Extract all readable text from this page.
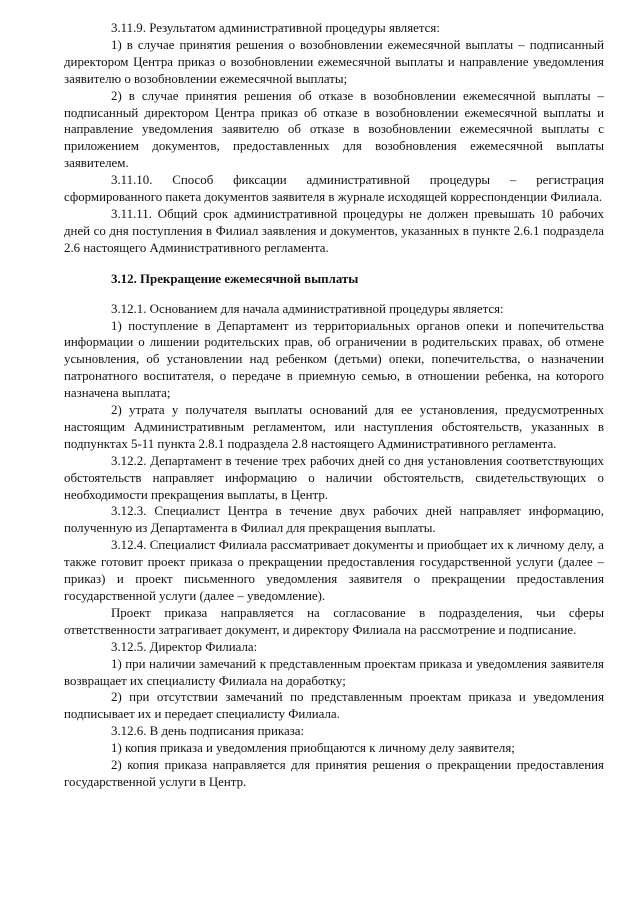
3.11.9. Результатом административной процедуры является:

1) в случае принятия решения о возобновлении ежемесячной выплаты – подписанный директором Центра приказ о возобновлении ежемесячной выплаты и направление уведомления заявителю о возобновлении ежемесячной выплаты;

2) в случае принятия решения об отказе в возобновлении ежемесячной выплаты – подписанный директором Центра приказ об отказе в возобновлении ежемесячной выплаты и направление уведомления заявителю об отказе в возобновлении ежемесячной выплаты с приложением документов, предоставленных для возобновления ежемесячной выплаты заявителем.

3.11.10. Способ фиксации административной процедуры – регистрация сформированного пакета документов заявителя в журнале исходящей корреспонденции Филиала.

3.11.11. Общий срок административной процедуры не должен превышать 10 рабочих дней со дня поступления в Филиал заявления и документов, указанных в пункте 2.6.1 подраздела 2.6 настоящего Административного регламента.

3.12. Прекращение ежемесячной выплаты

3.12.1. Основанием для начала административной процедуры является:

1) поступление в Департамент из территориальных органов опеки и попечительства информации о лишении родительских прав, об ограничении в родительских правах, об отмене усыновления, об установлении над ребенком (детьми) опеки, попечительства, о назначении патронатного воспитателя, о передаче в приемную семью, в отношении ребенка, на которого назначена выплата;

2) утрата у получателя выплаты оснований для ее установления, предусмотренных настоящим Административным регламентом, или наступления обстоятельств, указанных в подпунктах 5-11 пункта 2.8.1 подраздела 2.8 настоящего Административного регламента.

3.12.2. Департамент в течение трех рабочих дней со дня установления соответствующих обстоятельств направляет информацию о наличии обстоятельств, свидетельствующих о необходимости прекращения выплаты, в Центр.

3.12.3. Специалист Центра в течение двух рабочих дней направляет информацию, полученную из Департамента в Филиал для прекращения выплаты.

3.12.4. Специалист Филиала рассматривает документы и приобщает их к личному делу, а также готовит проект приказа о прекращении предоставления государственной услуги (далее – приказ) и проект письменного уведомления заявителя о прекращении предоставления государственной услуги (далее – уведомление).

Проект приказа направляется на согласование в подразделения, чьи сферы ответственности затрагивает документ, и директору Филиала на рассмотрение и подписание.

3.12.5. Директор Филиала:

1) при наличии замечаний к представленным проектам приказа и уведомления заявителя возвращает их специалисту Филиала на доработку;

2) при отсутствии замечаний по представленным проектам приказа и уведомления подписывает их и передает специалисту Филиала.

3.12.6. В день подписания приказа:

1) копия приказа и уведомления приобщаются к личному делу заявителя;

2) копия приказа направляется для принятия решения о прекращении предоставления государственной услуги в Центр.
